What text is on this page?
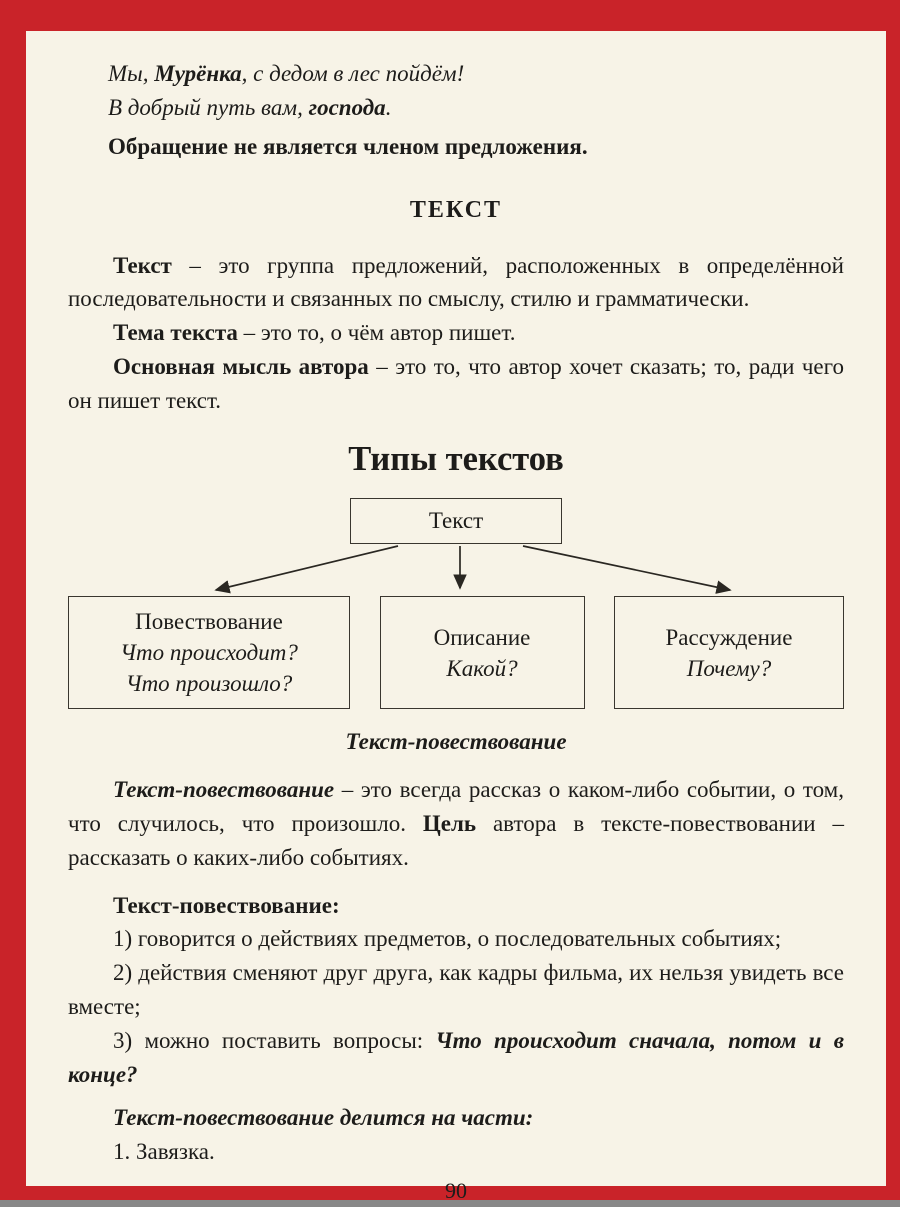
Мы, Мурёнка, с дедом в лес пойдём!

В добрый путь вам, господа.

Обращение не является членом предложения.

ТЕКСТ

Текст – это группа предложений, расположенных в определённой последовательности и связанных по смыслу, стилю и грамматически.

Тема текста – это то, о чём автор пишет.

Основная мысль автора – это то, что автор хочет сказать; то, ради чего он пишет текст.

Типы текстов
Текст
Повествование
Что происходит?
Что произошло?
Описание
Какой?
Рассуждение
Почему?
Текст-повествование

Текст-повествование – это всегда рассказ о каком-либо событии, о том, что случилось, что произошло. Цель автора в тексте-повествовании – рассказать о каких-либо событиях.

Текст-повествование:

1) говорится о действиях предметов, о последовательных событиях;

2) действия сменяют друг друга, как кадры фильма, их нельзя увидеть все вместе;

3) можно поставить вопросы: Что происходит сначала, потом и в конце?

Текст-повествование делится на части:

1. Завязка.

90
